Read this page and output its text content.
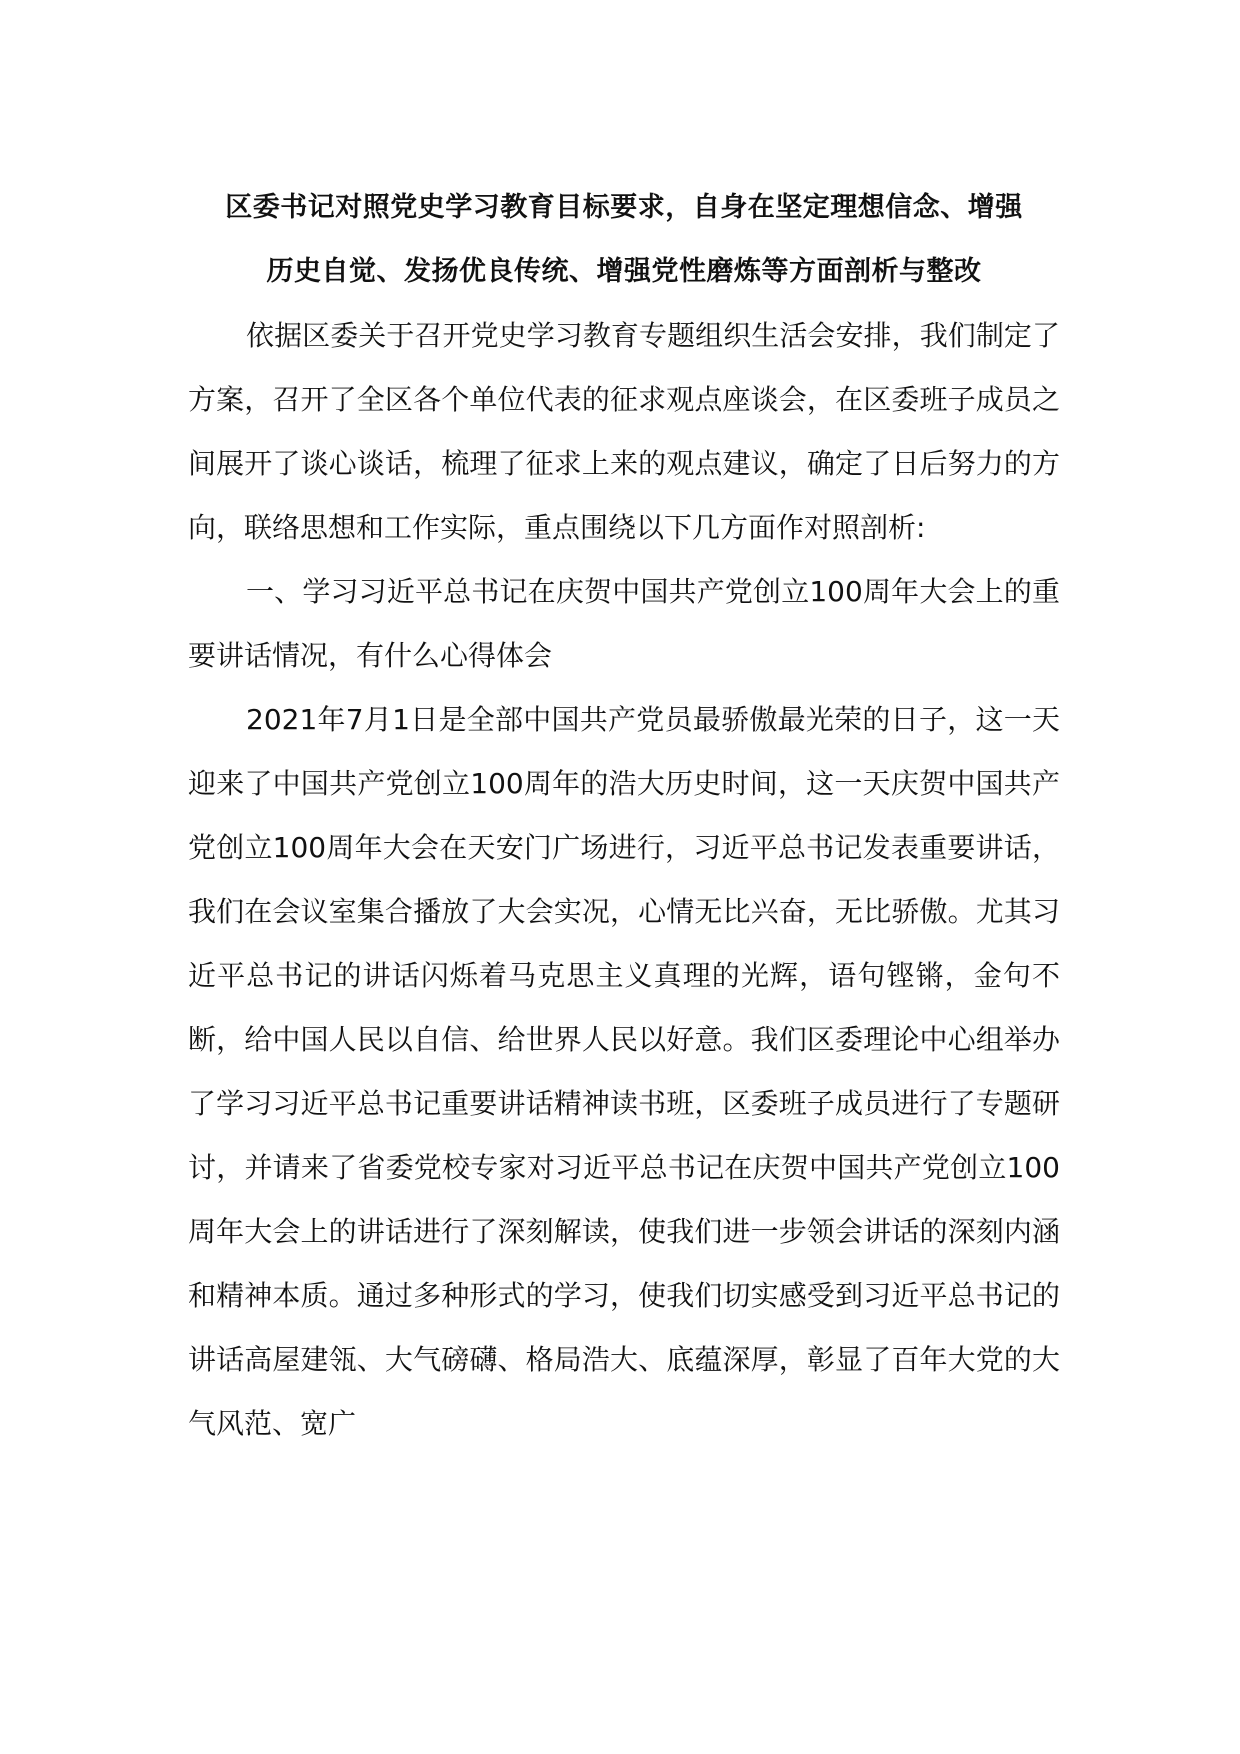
区委书记对照党史学习教育目标要求，自身在坚定理想信念、增强
历史自觉、发扬优良传统、增强党性磨炼等方面剖析与整改

依据区委关于召开党史学习教育专题组织生活会安排，我们制定了方案，召开了全区各个单位代表的征求观点座谈会，在区委班子成员之间展开了谈心谈话，梳理了征求上来的观点建议，确定了日后努力的方向，联络思想和工作实际，重点围绕以下几方面作对照剖析:

一、学习习近平总书记在庆贺中国共产党创立100周年大会上的重要讲话情况，有什么心得体会

2021年7月1日是全部中国共产党员最骄傲最光荣的日子，这一天迎来了中国共产党创立100周年的浩大历史时间，这一天庆贺中国共产党创立100周年大会在天安门广场进行，习近平总书记发表重要讲话，我们在会议室集合播放了大会实况，心情无比兴奋，无比骄傲。尤其习近平总书记的讲话闪烁着马克思主义真理的光辉，语句铿锵，金句不断，给中国人民以自信、给世界人民以好意。我们区委理论中心组举办了学习习近平总书记重要讲话精神读书班，区委班子成员进行了专题研讨，并请来了省委党校专家对习近平总书记在庆贺中国共产党创立100周年大会上的讲话进行了深刻解读，使我们进一步领会讲话的深刻内涵和精神本质。通过多种形式的学习，使我们切实感受到习近平总书记的讲话高屋建瓴、大气磅礴、格局浩大、底蕴深厚，彰显了百年大党的大气风范、宽广
